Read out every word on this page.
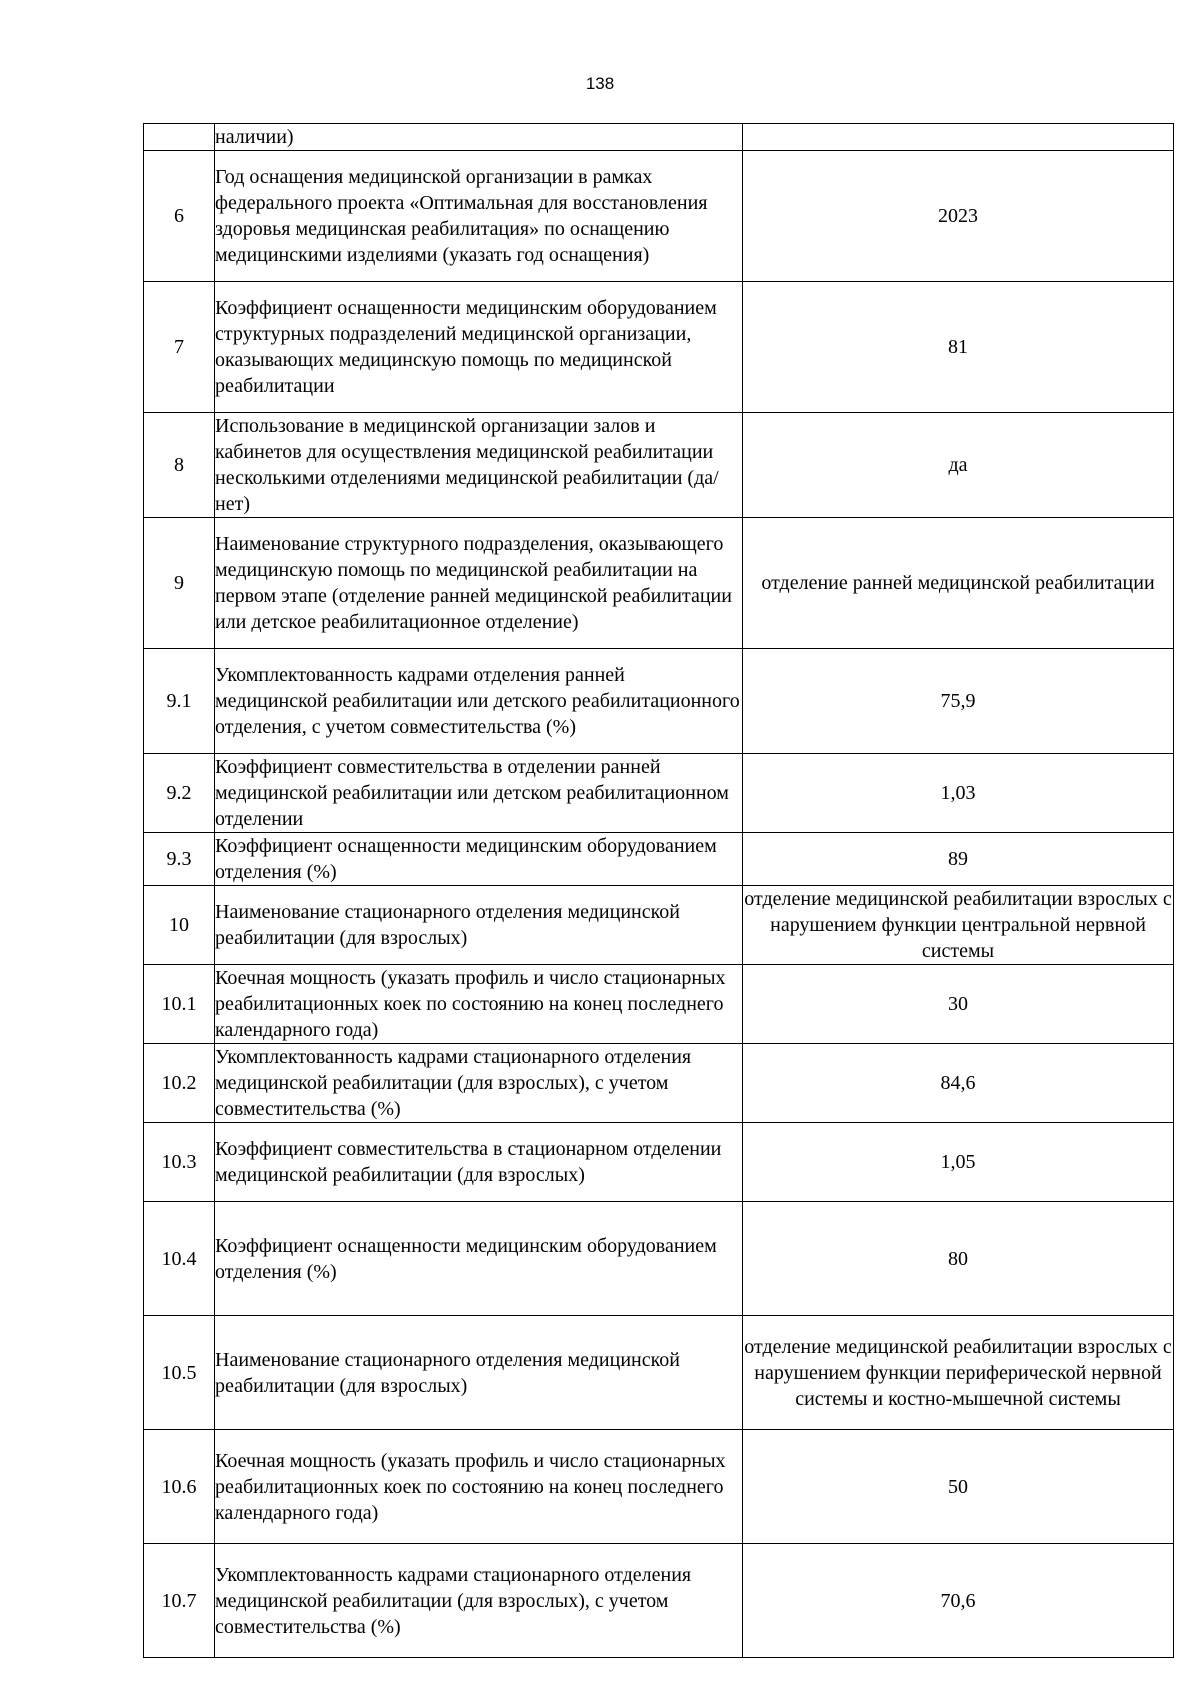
138
	наличии)	
6	Год оснащения медицинской организации в рамках федерального проекта «Оптимальная для восстановления здоровья медицинская реабилитация» по оснащению медицинскими изделиями (указать год оснащения)	2023
7	Коэффициент оснащенности медицинским оборудованием структурных подразделений медицинской организации, оказывающих медицинскую помощь по медицинской реабилитации	81
8	Использование в медицинской организации залов и кабинетов для осуществления медицинской реабилитации несколькими отделениями медицинской реабилитации (да/нет)	да
9	Наименование структурного подразделения, оказывающего медицинскую помощь по медицинской реабилитации на первом этапе (отделение ранней медицинской реабилитации или детское реабилитационное отделение)	отделение ранней медицинской реабилитации
9.1	Укомплектованность кадрами отделения ранней медицинской реабилитации или детского реабилитационного отделения, с учетом совместительства (%)	75,9
9.2	Коэффициент совместительства в отделении ранней медицинской реабилитации или детском реабилитационном отделении	1,03
9.3	Коэффициент оснащенности медицинским оборудованием отделения (%)	89
10	Наименование стационарного отделения медицинской реабилитации (для взрослых)	отделение медицинской реабилитации взрослых с нарушением функции центральной нервной системы
10.1	Коечная мощность (указать профиль и число стационарных реабилитационных коек по состоянию на конец последнего календарного года)	30
10.2	Укомплектованность кадрами стационарного отделения медицинской реабилитации (для взрослых), с учетом совместительства (%)	84,6
10.3	Коэффициент совместительства в стационарном отделении медицинской реабилитации (для взрослых)	1,05
10.4	Коэффициент оснащенности медицинским оборудованием отделения (%)	80
10.5	Наименование стационарного отделения медицинской реабилитации (для взрослых)	отделение медицинской реабилитации взрослых с нарушением функции периферической нервной системы и костно-мышечной системы
10.6	Коечная мощность (указать профиль и число стационарных реабилитационных коек по состоянию на конец последнего календарного года)	50
10.7	Укомплектованность кадрами стационарного отделения медицинской реабилитации (для взрослых), с учетом совместительства (%)	70,6
